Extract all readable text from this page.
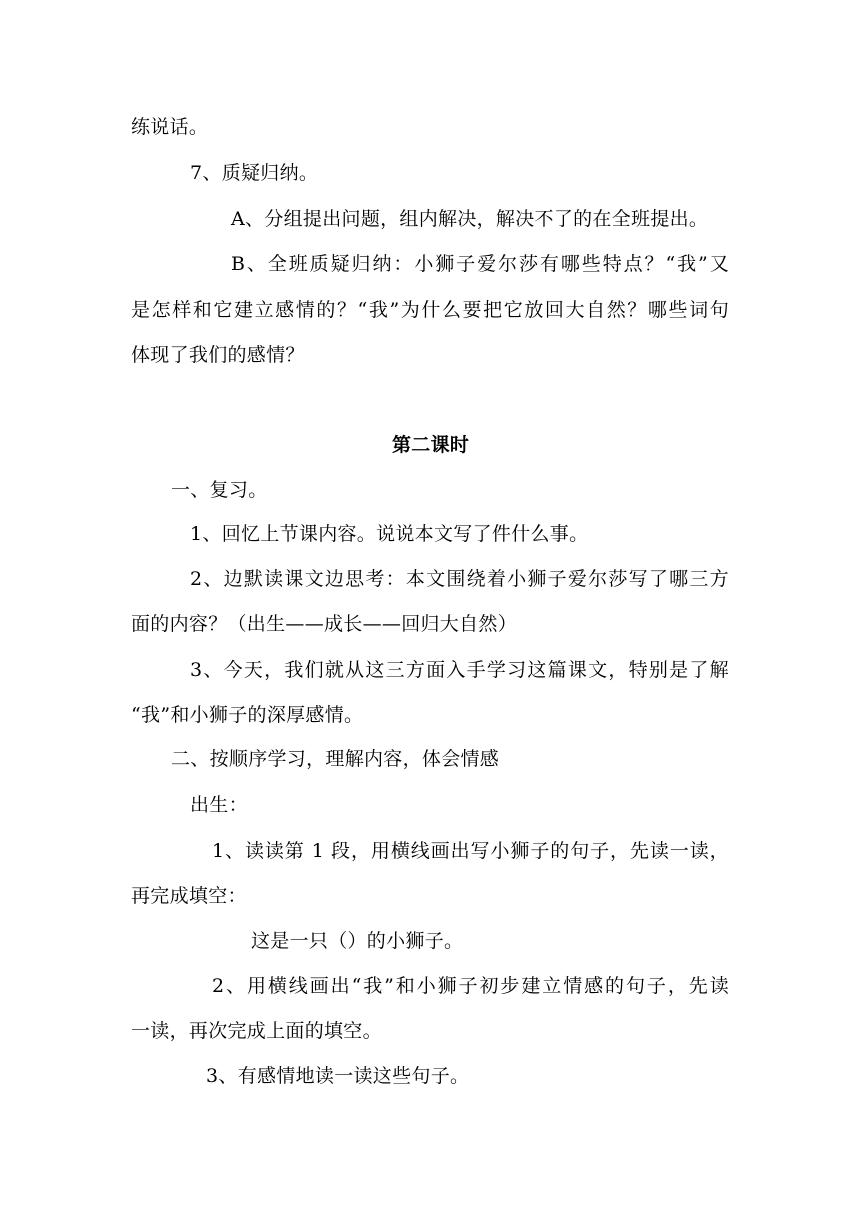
练说话。
7、质疑归纳。
A、分组提出问题，组内解决，解决不了的在全班提出。
B、全班质疑归纳：小狮子爱尔莎有哪些特点？“我”又
是怎样和它建立感情的？“我”为什么要把它放回大自然？哪些词句
体现了我们的感情？
第二课时
一、复习。
1、回忆上节课内容。说说本文写了件什么事。
2、边默读课文边思考：本文围绕着小狮子爱尔莎写了哪三方
面的内容？（出生——成长——回归大自然）
3、今天，我们就从这三方面入手学习这篇课文，特别是了解
“我”和小狮子的深厚感情。
二、按顺序学习，理解内容，体会情感
出生：
1、读读第 1 段，用横线画出写小狮子的句子，先读一读，
再完成填空：
这是一只（）的小狮子。
2、用横线画出“我”和小狮子初步建立情感的句子，先读
一读，再次完成上面的填空。
3、有感情地读一读这些句子。
